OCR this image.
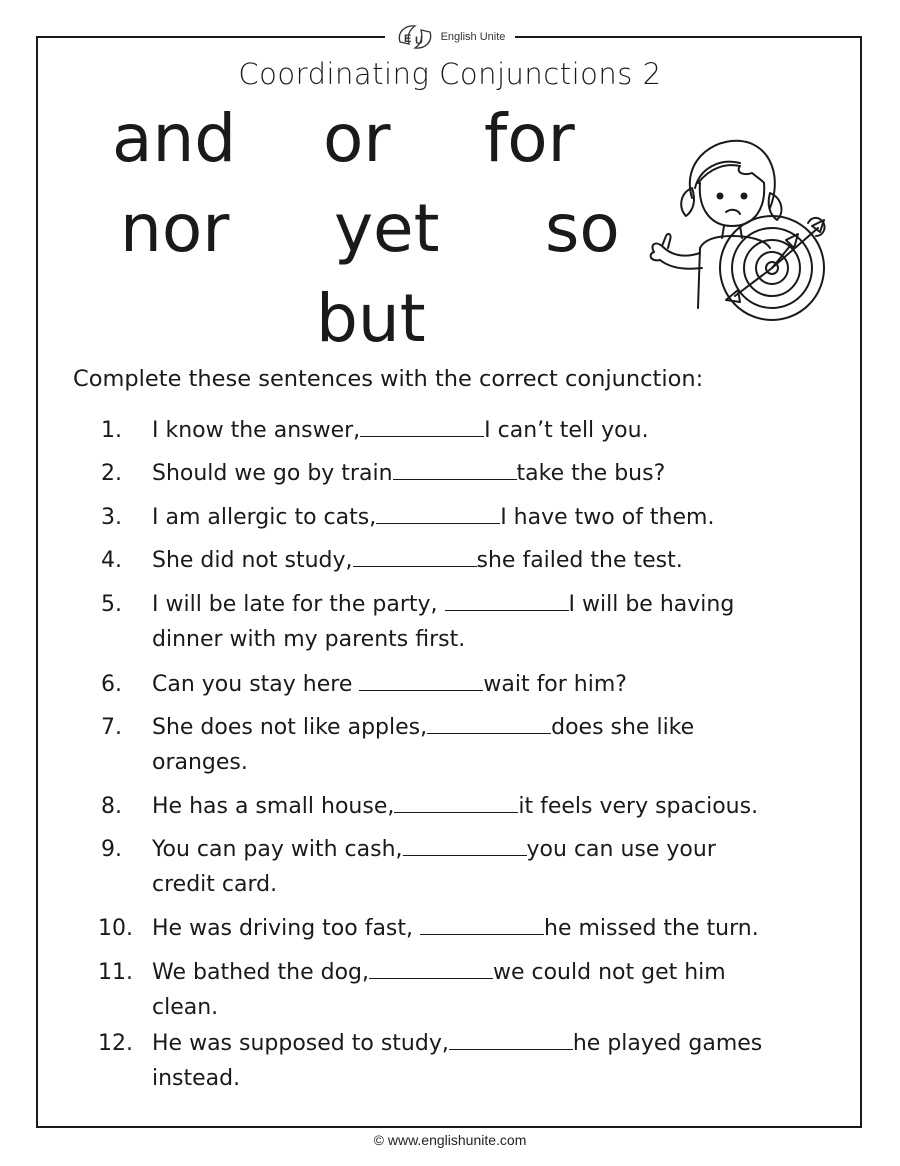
E U English Unite
Coordinating Conjunctions 2
and or for
nor yet so
but
Complete these sentences with the correct conjunction:
1. I know the answer,	I can’t tell you.
2. Should we go by train	take the bus?
3. I am allergic to cats,	I have two of them.
4. She did not study,	she failed the test.
5. I will be late for the party,	I will be having
dinner with my parents first.
6. Can you stay here	wait for him?
7. She does not like apples,	does she like
oranges.
8. He has a small house,	it feels very spacious.
9. You can pay with cash,	you can use your
credit card.
10. He was driving too fast,	he missed the turn.
11. We bathed the dog,	we could not get him
clean.
12. He was supposed to study,	he played games
instead.
© www.englishunite.com
